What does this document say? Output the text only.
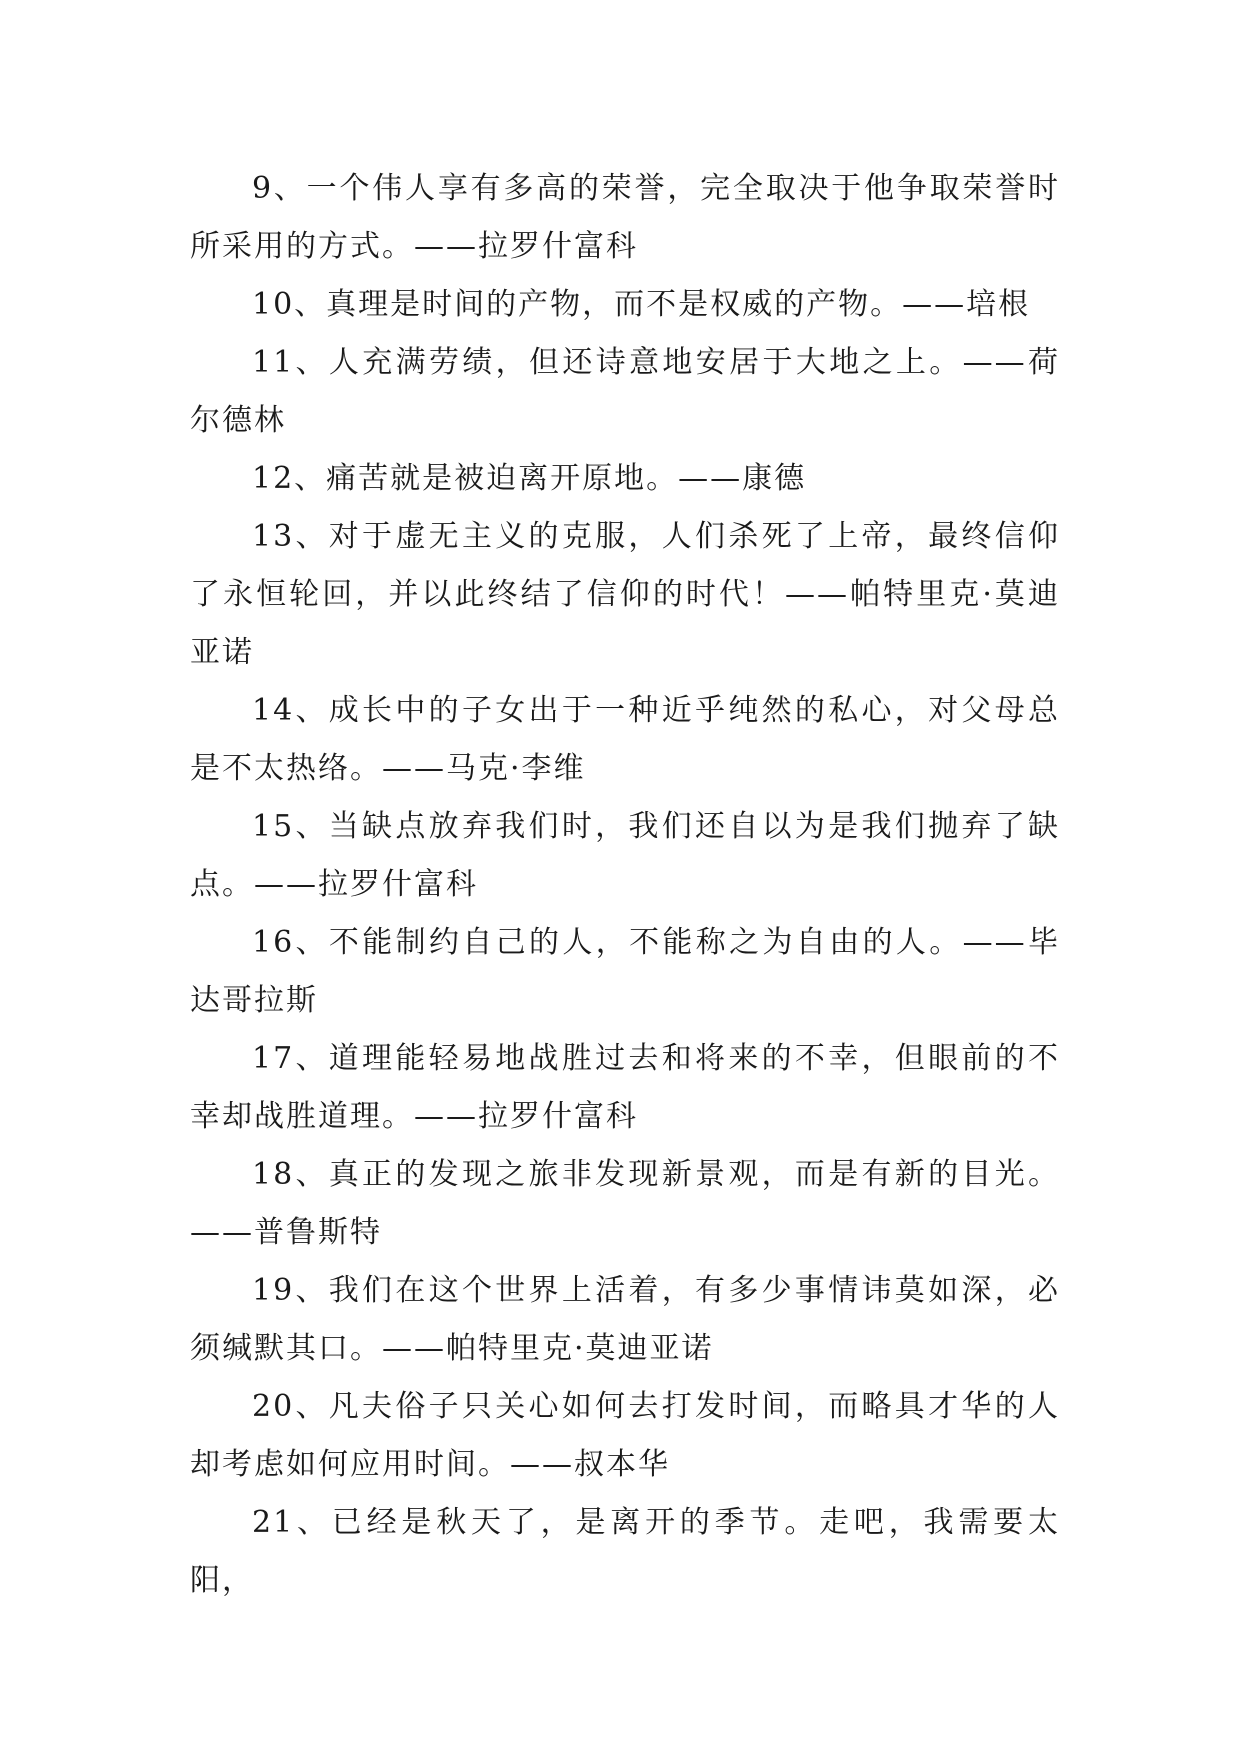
9、一个伟人享有多高的荣誉，完全取决于他争取荣誉时所采用的方式。——拉罗什富科

10、真理是时间的产物，而不是权威的产物。——培根

11、人充满劳绩，但还诗意地安居于大地之上。——荷尔德林

12、痛苦就是被迫离开原地。——康德

13、对于虚无主义的克服，人们杀死了上帝，最终信仰了永恒轮回，并以此终结了信仰的时代！——帕特里克·莫迪亚诺

14、成长中的子女出于一种近乎纯然的私心，对父母总是不太热络。——马克·李维

15、当缺点放弃我们时，我们还自以为是我们抛弃了缺点。——拉罗什富科

16、不能制约自己的人，不能称之为自由的人。——毕达哥拉斯

17、道理能轻易地战胜过去和将来的不幸，但眼前的不幸却战胜道理。——拉罗什富科

18、真正的发现之旅非发现新景观，而是有新的目光。——普鲁斯特

19、我们在这个世界上活着，有多少事情讳莫如深，必须缄默其口。——帕特里克·莫迪亚诺

20、凡夫俗子只关心如何去打发时间，而略具才华的人却考虑如何应用时间。——叔本华

21、已经是秋天了，是离开的季节。走吧，我需要太阳，
